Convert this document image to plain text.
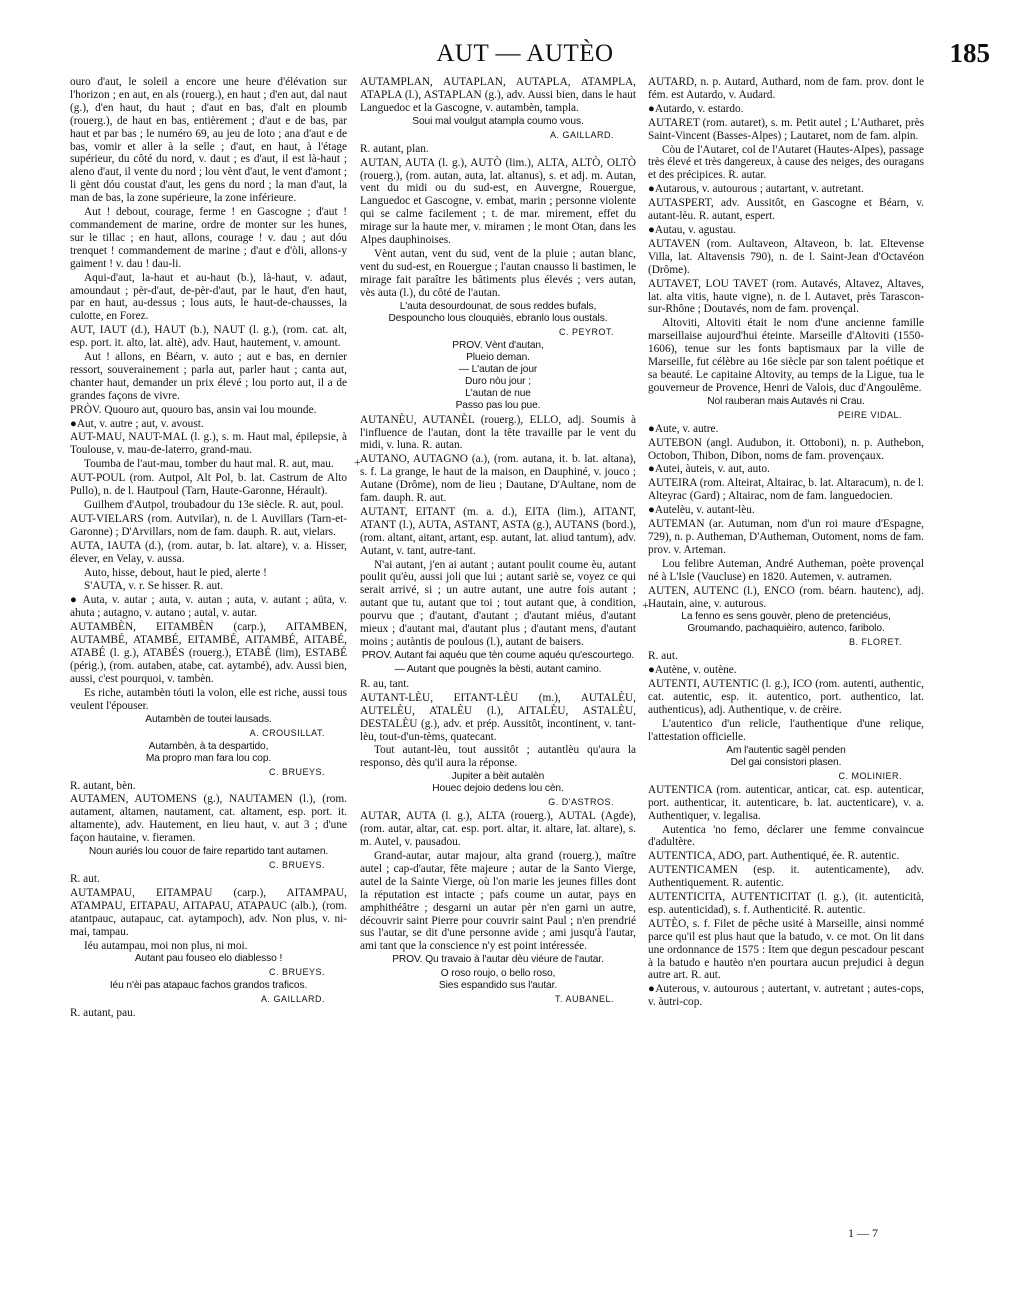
AUT — AUTÈO	185
ouro d'aut, le soleil a encore une heure d'élévation sur l'horizon ; en aut, en als (rouerg.), en haut ; d'en aut, dal naut (g.), d'en haut, du haut ; d'aut en bas, d'alt en ploumb (rouerg.), de haut en bas, entièrement ; d'aut e de bas, par haut et par bas ; le numéro 69, au jeu de loto ; ana d'aut e de bas, vomir et aller à la selle ; d'aut, en haut, à l'étage supérieur, du côté du nord, v. daut ; es d'aut, il est là-haut ; aleno d'aut, il vente du nord ; lou vènt d'aut, le vent d'amont ; li gènt dóu coustat d'aut, les gens du nord ; la man d'aut, la man de bas, la zone supérieure, la zone inférieure.
Aut ! debout, courage, ferme ! en Gascogne ; d'aut ! commandement de marine, ordre de monter sur les hunes, sur le tillac ; en haut, allons, courage ! v. dau ; aut dóu trenquet ! commandement de marine ; d'aut e d'òli, allons-y gaiment ! v. dau ! dau-li.
Aqui-d'aut, la-haut et au-haut (b.), là-haut, v. adaut, amoundaut ; pèr-d'aut, de-pèr-d'aut, par le haut, d'en haut, par en haut, au-dessus ; lous auts, le haut-de-chausses, la culotte, en Forez.
AUT, IAUT (d.), HAUT (b.), NAUT (l. g.), (rom. cat. alt, esp. port. it. alto, lat. altè), adv. Haut, hautement, v. amount.
Aut ! allons, en Béarn, v. auto ; aut e bas, en dernier ressort, souverainement ; parla aut, parler haut ; canta aut, chanter haut, demander un prix élevé ; lou porto aut, il a de grandes façons de vivre.
PRÒV. Quouro aut, quouro bas, ansin vai lou mounde.
●Aut, v. autre ; aut, v. avoust.
AUT-MAU, NAUT-MAL (l. g.), s. m. Haut mal, épilepsie, à Toulouse, v. mau-de-laterro, grand-mau.
Toumba de l'aut-mau, tomber du haut mal. R. aut, mau.
AUT-POUL (rom. Autpol, Alt Pol, b. lat. Castrum de Alto Pullo), n. de l. Hautpoul (Tarn, Haute-Garonne, Hérault).
Guilhem d'Autpol, troubadour du 13e siècle. R. aut, poul.
AUT-VIELARS (rom. Autvilar), n. de l. Auvillars (Tarn-et-Garonne) ; D'Arvillars, nom de fam. dauph. R. aut, vielars.
AUTA, IAUTA (d.), (rom. autar, b. lat. altare), v. a. Hisser, élever, en Velay, v. aussa.
Auto, hisse, debout, haut le pied, alerte !
S'AUTA, v. r. Se hisser. R. aut.
● Auta, v. autar ; auta, v. autan ; auta, v. autant ; aüta, v. ahuta ; autagno, v. autano ; autal, v. autar.
AUTAMBÈN, EITAMBÈN (carp.), AITAMBEN, AUTAMBÉ, ATAMBÉ, EITAMBÉ, AITAMBÉ, AITABÉ, ATABÉ (l. g.), ATABÉS (rouerg.), ETABÉ (lim), ESTABÉ (périg.), (rom. autaben, atabe, cat. aytambé), adv. Aussi bien, aussi, c'est pourquoi, v. tambèn.
Es riche, autambèn tóuti la volon, elle est riche, aussi tous veulent l'épouser.
Autambèn de toutei lausads.
A. CROUSILLAT.
Autambèn, à ta despartido,
Ma propro man fara lou cop.
C. BRUEYS.
R. autant, bèn.
AUTAMEN, AUTOMENS (g.), NAUTAMEN (l.), (rom. autament, altamen, nautament, cat. altament, esp. port. it. altamente), adv. Hautement, en lieu haut, v. aut 3 ; d'une façon hautaine, v. fieramen.
Noun auriés lou couor de faire repartido tant autamen.
C. BRUEYS.
R. aut.
AUTAMPAU, EITAMPAU (carp.), AITAMPAU, ATAMPAU, EITAPAU, AITAPAU, ATAPAUC (alb.), (rom. atantpauc, autapauc, cat. aytampoch), adv. Non plus, v. ni-mai, tampau.
Iéu autampau, moi non plus, ni moi.
Autant pau fouseo elo diablesso !
C. BRUEYS.
Iéu n'èi pas atapauc fachos grandos traficos.
A. GAILLARD.
R. autant, pau.
AUTAMPLAN, AUTAPLAN, AUTAPLA, ATAMPLA, ATAPLA (l.), ASTAPLAN (g.), adv. Aussi bien, dans le haut Languedoc et la Gascogne, v. autambèn, tampla.
Soui mal voulgut atampla coumo vous.
A. GAILLARD.
R. autant, plan.
AUTAN, AUTA (l. g.), AUTÒ (lim.), ALTA, ALTÒ, OLTÒ (rouerg.), (rom. autan, auta, lat. altanus), s. et adj. m. Autan, vent du midi ou du sud-est, en Auvergne, Rouergue, Languedoc et Gascogne, v. embat, marin ; personne violente qui se calme facilement ; t. de mar. mirement, effet du mirage sur la haute mer, v. miramen ; le mont Otan, dans les Alpes dauphinoises.
Vènt autan, vent du sud, vent de la pluie ; autan blanc, vent du sud-est, en Rouergue ; l'autan cnausso li bastimen, le mirage fait paraître les bâtiments plus élevés ; vers autan, vès auta (l.), du côté de l'autan.
L'auta desourdounat, de sous reddes bufals,
Despouncho lous clouquiès, ebranlo lous oustals.
C. PEYROT.
PROV. Vènt d'autan,
Plueio deman.
— L'autan de jour
Duro nòu jour ;
L'autan de nue
Passo pas lou pue.
AUTANÈU, AUTANÈL (rouerg.), ELLO, adj. Soumis à l'influence de l'autan, dont la tête travaille par le vent du midi, v. luna. R. autan.
AUTANO, AUTAGNO (a.), (rom. autana, it. b. lat. altana), s. f. La grange, le haut de la maison, en Dauphiné, v. jouco ; Autane (Drôme), nom de lieu ; Dautane, D'Aultane, nom de fam. dauph. R. aut.
AUTANT, EITANT (m. a. d.), EITA (lim.), AITANT, ATANT (l.), AUTA, ASTANT, ASTA (g.), AUTANS (bord.), (rom. altant, aitant, artant, esp. autant, lat. aliud tantum), adv. Autant, v. tant, autre-tant.
N'ai autant, j'en ai autant ; autant poulit coume èu, autant poulit qu'èu, aussi joli que lui ; autant sariè se, voyez ce qui serait arrivé, si ; un autre autant, une autre fois autant ; autant que tu, autant que toi ; tout autant que, à condition, pourvu que ; d'autant, d'autant ; d'autant miéus, d'autant mieux ; d'autant mai, d'autant plus ; d'autant mens, d'autant moins ; autàntis de poulous (l.), autant de baisers.
PROV. Autant fai aquéu que tèn coume aquéu qu'escourtego.
— Autant que pougnès la bèsti, autant camino.
R. au, tant.
AUTANT-LÈU, EITANT-LÈU (m.), AUTALÈU, AUTELÈU, ATALÈU (l.), AITALÈU, ASTALÈU, DESTALÈU (g.), adv. et prép. Aussitôt, incontinent, v. tant-lèu, tout-d'un-tèms, quatecant.
Tout autant-lèu, tout aussitôt ; autantlèu qu'aura la responso, dès qu'il aura la réponse.
Jupiter a bèit autalèn
Houec dejoio dedens lou cèn.
G. D'ASTROS.
AUTAR, AUTA (l. g.), ALTA (rouerg.), AUTAL (Agde), (rom. autar, altar, cat. esp. port. altar, it. altare, lat. altare), s. m. Autel, v. pausadou.
Grand-autar, autar majour, alta grand (rouerg.), maître autel ; cap-d'autar, fête majeure ; autar de la Santo Vierge, autel de la Sainte Vierge, où l'on marie les jeunes filles dont la réputation est intacte ; pafs coume un autar, pays en amphithéâtre ; desgarni un autar pèr n'en garni un autre, découvrir saint Pierre pour couvrir saint Paul ; n'en prendrié sus l'autar, se dit d'une personne avide ; ami jusqu'à l'autar, ami tant que la conscience n'y est point intéressée.
PROV. Qu travaio à l'autar dèu viéure de l'autar.
O roso roujo, o bello roso,
Sies espandido sus l'autar.
T. AUBANEL.
AUTARD, n. p. Autard, Authard, nom de fam. prov. dont le fém. est Autardo, v. Audard.
●Autardo, v. estardo.
AUTARET (rom. autaret), s. m. Petit autel ; L'Autharet, près Saint-Vincent (Basses-Alpes) ; Lautaret, nom de fam. alpin.
Còu de l'Autaret, col de l'Autaret (Hautes-Alpes), passage très élevé et très dangereux, à cause des neiges, des ouragans et des précipices. R. autar.
●Autarous, v. autourous ; autartant, v. autretant.
AUTASPERT, adv. Aussitôt, en Gascogne et Béarn, v. autant-lèu. R. autant, espert.
●Autau, v. agustau.
AUTAVEN (rom. Aultaveon, Altaveon, b. lat. Eltevense Villa, lat. Altavensis 790), n. de l. Saint-Jean d'Octavéon (Drôme).
AUTAVET, LOU TAVET (rom. Autavés, Altavez, Altaves, lat. alta vitis, haute vigne), n. de l. Autavet, près Tarascon-sur-Rhône ; Doutavés, nom de fam. provençal.
Altoviti, Altoviti était le nom d'une ancienne famille marseillaise aujourd'hui éteinte. Marseille d'Altoviti (1550-1606), tenue sur les fonts baptismaux par la ville de Marseille, fut célèbre au 16e siècle par son talent poétique et sa beauté. Le capitaine Altovity, au temps de la Ligue, tua le gouverneur de Provence, Henri de Valois, duc d'Angoulême.
Nol rauberan mais Autavés ni Crau.
PEIRE VIDAL.
●Aute, v. autre.
AUTEBON (angl. Audubon, it. Ottoboni), n. p. Authebon, Octobon, Thibon, Dibon, noms de fam. provençaux.
●Autei, àuteis, v. aut, auto.
AUTEIRA (rom. Alteirat, Altairac, b. lat. Altaracum), n. de l. Alteyrac (Gard) ; Altairac, nom de fam. languedocien.
●Autelèu, v. autant-lèu.
AUTEMAN (ar. Autuman, nom d'un roi maure d'Espagne, 729), n. p. Autheman, D'Autheman, Outoment, noms de fam. prov. v. Arteman.
Lou felibre Auteman, André Autheman, poète provençal né à L'Isle (Vaucluse) en 1820. Autemen, v. autramen.
AUTEN, AUTENC (l.), ENCO (rom. béarn. hautenc), adj. Hautain, aine, v. auturous.
La fenno es sens gouvèr, pleno de pretenciéus,
Groumando, pachaquièiro, autenco, faribolo.
B. FLORET.
R. aut.
●Autène, v. outène.
AUTENTI, AUTENTIC (l. g.), ICO (rom. autenti, authentic, cat. autentic, esp. it. autentico, port. authentico, lat. authenticus), adj. Authentique, v. de crèire.
L'autentico d'un relicle, l'authentique d'une relique, l'attestation officielle.
Am l'autentic sagèl penden
Del gai consistori plasen.
C. MOLINIER.
AUTENTICA (rom. autenticar, anticar, cat. esp. autenticar, port. authenticar, it. autenticare, b. lat. auctenticare), v. a. Authentiquer, v. legalisa.
Autentica 'no femo, déclarer une femme convaincue d'adultère.
AUTENTICA, ADO, part. Authentiqué, ée. R. autentic.
AUTENTICAMEN (esp. it. autenticamente), adv. Authentiquement. R. autentic.
AUTENTICITA, AUTENTICITAT (l. g.), (it. autenticità, esp. autenticidad), s. f. Authenticité. R. autentic.
AUTÈO, s. f. Filet de pêche usité à Marseille, ainsi nommé parce qu'il est plus haut que la batudo, v. ce mot. On lit dans une ordonnance de 1575 : Item que degun pescadour pescant à la batudo e hautèo n'en pourtara aucun prejudici à degun autre art. R. aut.
●Auterous, v. autourous ; autertant, v. autretant ; autes-cops, v. àutri-cop.
+
+
1 — 7
